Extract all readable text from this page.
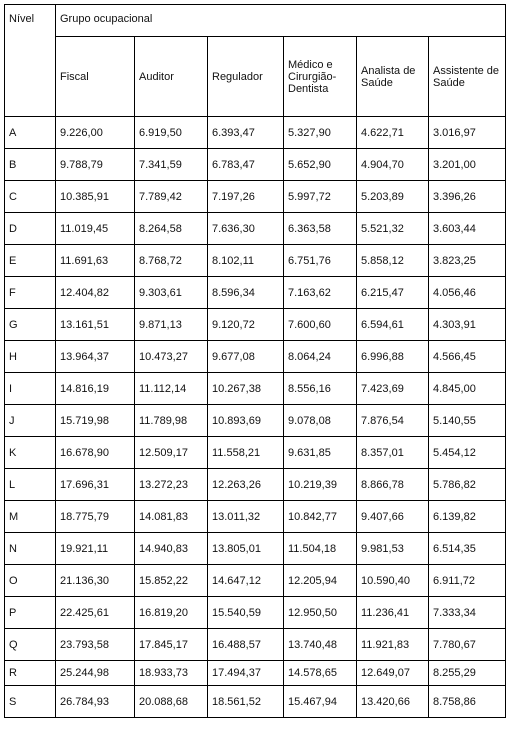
Nível	Grupo ocupacional					
	Fiscal	Auditor	Regulador	Médico e Cirurgião-Dentista	Analista de Saúde	Assistente de Saúde
A	9.226,00	6.919,50	6.393,47	5.327,90	4.622,71	3.016,97
B	9.788,79	7.341,59	6.783,47	5.652,90	4.904,70	3.201,00
C	10.385,91	7.789,42	7.197,26	5.997,72	5.203,89	3.396,26
D	11.019,45	8.264,58	7.636,30	6.363,58	5.521,32	3.603,44
E	11.691,63	8.768,72	8.102,11	6.751,76	5.858,12	3.823,25
F	12.404,82	9.303,61	8.596,34	7.163,62	6.215,47	4.056,46
G	13.161,51	9.871,13	9.120,72	7.600,60	6.594,61	4.303,91
H	13.964,37	10.473,27	9.677,08	8.064,24	6.996,88	4.566,45
I	14.816,19	11.112,14	10.267,38	8.556,16	7.423,69	4.845,00
J	15.719,98	11.789,98	10.893,69	9.078,08	7.876,54	5.140,55
K	16.678,90	12.509,17	11.558,21	9.631,85	8.357,01	5.454,12
L	17.696,31	13.272,23	12.263,26	10.219,39	8.866,78	5.786,82
M	18.775,79	14.081,83	13.011,32	10.842,77	9.407,66	6.139,82
N	19.921,11	14.940,83	13.805,01	11.504,18	9.981,53	6.514,35
O	21.136,30	15.852,22	14.647,12	12.205,94	10.590,40	6.911,72
P	22.425,61	16.819,20	15.540,59	12.950,50	11.236,41	7.333,34
Q	23.793,58	17.845,17	16.488,57	13.740,48	11.921,83	7.780,67
R	25.244,98	18.933,73	17.494,37	14.578,65	12.649,07	8.255,29
S	26.784,93	20.088,68	18.561,52	15.467,94	13.420,66	8.758,86
